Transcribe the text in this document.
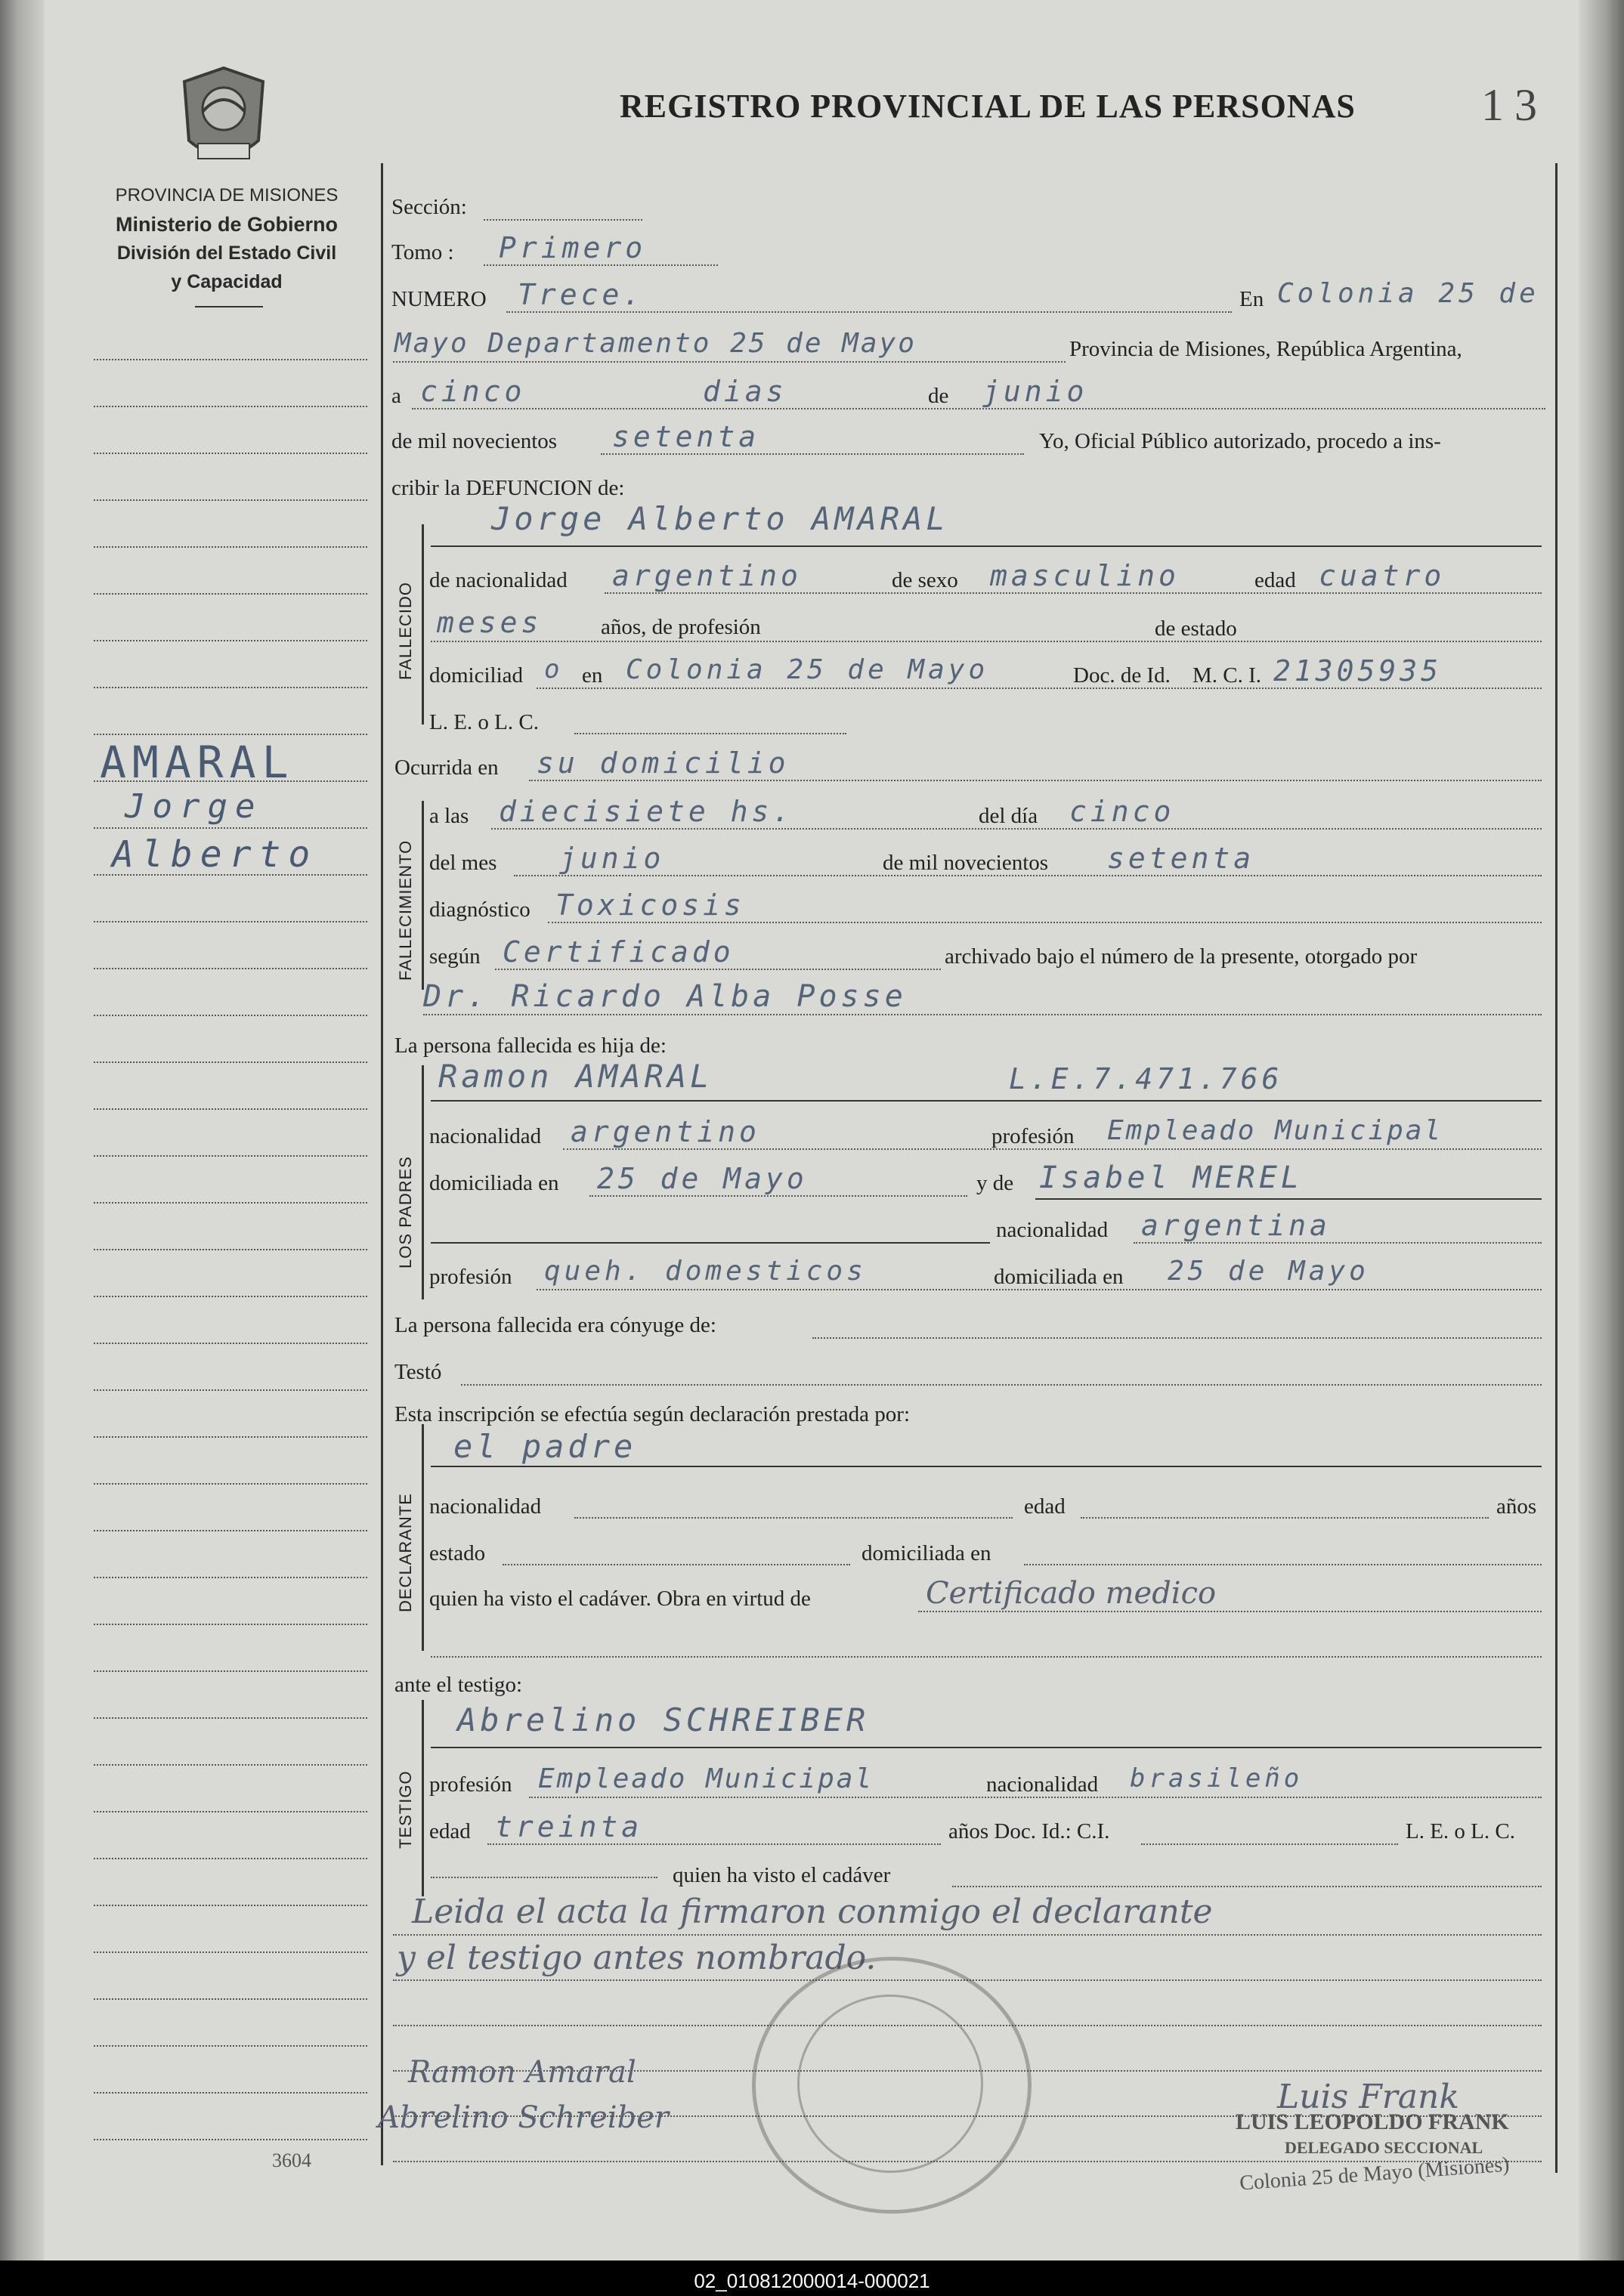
PROVINCIA DE MISIONES
Ministerio de Gobierno
División del Estado Civil
y Capacidad
REGISTRO PROVINCIAL DE LAS PERSONAS	13
AMARAL
Jorge
Alberto
FALLECIDO
FALLECIMIENTO
LOS PADRES
DECLARANTE
TESTIGO
Sección:
Tomo : Primero
NUMERO Trece.	En Colonia 25 de
Mayo Departamento 25 de Mayo	Provincia de Misiones, República Argentina,
a cinco	dias	de junio
de mil novecientos setenta	Yo, Oficial Público autorizado, procedo a ins-
cribir la DEFUNCION de:
Jorge Alberto AMARAL
de nacionalidad argentino	de sexo masculino	edad cuatro
meses	años, de profesión	de estado
domiciliad o en Colonia 25 de Mayo	Doc. de Id. M. C. I. 21305935
L. E. o L. C.
Ocurrida en su domicilio
a las diecisiete hs.	del día cinco
del mes junio	de mil novecientos setenta
diagnóstico Toxicosis
según Certificado	archivado bajo el número de la presente, otorgado por
Dr. Ricardo Alba Posse
La persona fallecida es hija de:
Ramon AMARAL	L.E.7.471.766
nacionalidad argentino	profesión Empleado Municipal
domiciliada en 25 de Mayo	y de Isabel MEREL
nacionalidad argentina
profesión queh. domesticos	domiciliada en 25 de Mayo
La persona fallecida era cónyuge de:
Testó
Esta inscripción se efectúa según declaración prestada por:
el padre
nacionalidad	edad	años
estado	domiciliada en
quien ha visto el cadáver. Obra en virtud de	Certificado medico
ante el testigo:
Abrelino SCHREIBER
profesión Empleado Municipal	nacionalidad brasileño
edad treinta	años Doc. Id.: C.I.	L. E. o L. C.
quien ha visto el cadáver
Leida el acta la firmaron conmigo el declarante
y el testigo antes nombrado.
Ramon Amaral
Abrelino Schreiber
Luis Frank
LUIS LEOPOLDO FRANK
DELEGADO SECCIONAL
Colonia 25 de Mayo (Misiones)
3604
02_010812000014-000021
